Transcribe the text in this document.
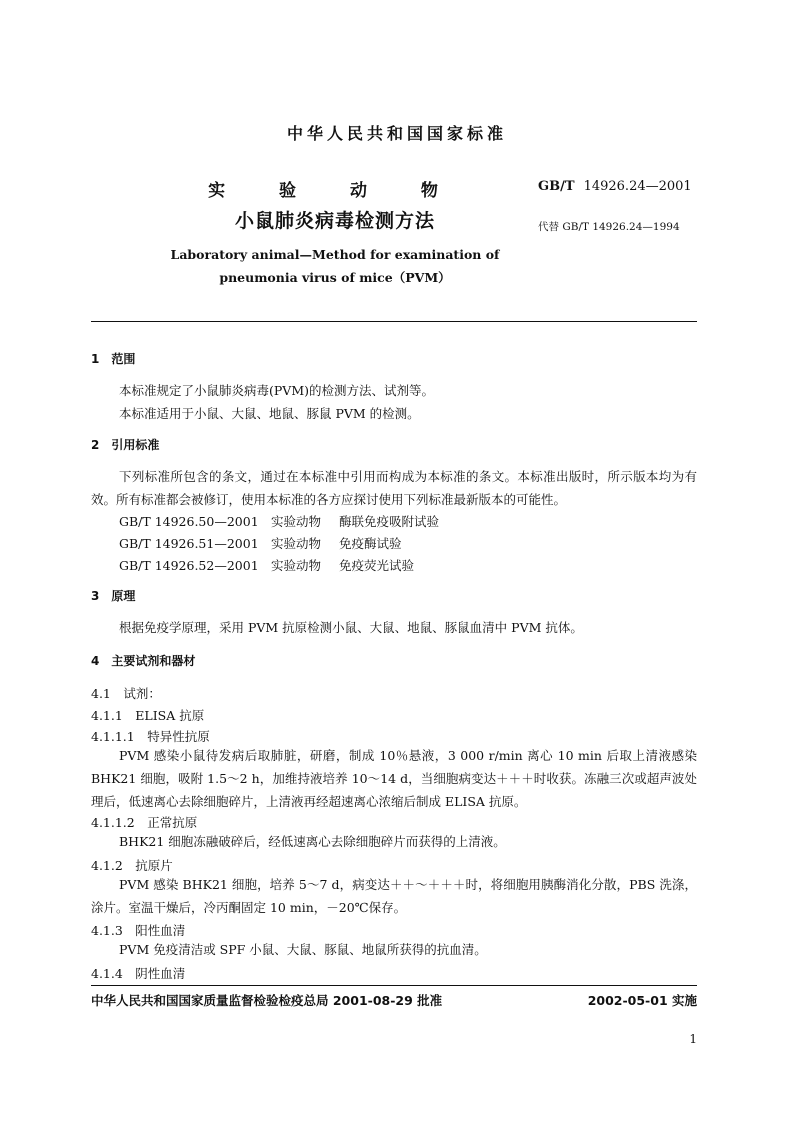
中华人民共和国国家标准
实 验 动 物
小鼠肺炎病毒检测方法
GB/T 14926.24—2001
代替 GB/T 14926.24—1994
Laboratory animal—Method for examination of
pneumonia virus of mice（PVM）
1　范围
本标准规定了小鼠肺炎病毒(PVM)的检测方法、试剂等。
本标准适用于小鼠、大鼠、地鼠、豚鼠 PVM 的检测。
2　引用标准
下列标准所包含的条文，通过在本标准中引用而构成为本标准的条文。本标准出版时，所示版本均为有效。所有标准都会被修订，使用本标准的各方应探讨使用下列标准最新版本的可能性。
GB/T 14926.50—2001 实验动物 酶联免疫吸附试验
GB/T 14926.51—2001 实验动物 免疫酶试验
GB/T 14926.52—2001 实验动物 免疫荧光试验
3　原理
根据免疫学原理，采用 PVM 抗原检测小鼠、大鼠、地鼠、豚鼠血清中 PVM 抗体。
4　主要试剂和器材
4.1　试剂：
4.1.1　ELISA 抗原
4.1.1.1　特异性抗原
PVM 感染小鼠待发病后取肺脏，研磨，制成 10％悬液，3 000 r/min 离心 10 min 后取上清液感染 BHK21 细胞，吸附 1.5～2 h，加维持液培养 10～14 d，当细胞病变达＋＋＋时收获。冻融三次或超声波处理后，低速离心去除细胞碎片，上清液再经超速离心浓缩后制成 ELISA 抗原。
4.1.1.2　正常抗原
BHK21 细胞冻融破碎后，经低速离心去除细胞碎片而获得的上清液。
4.1.2　抗原片
PVM 感染 BHK21 细胞，培养 5～7 d，病变达＋＋～＋＋＋时，将细胞用胰酶消化分散，PBS 洗涤，涂片。室温干燥后，冷丙酮固定 10 min，－20℃保存。
4.1.3　阳性血清
PVM 免疫清洁或 SPF 小鼠、大鼠、豚鼠、地鼠所获得的抗血清。
4.1.4　阴性血清
中华人民共和国国家质量监督检验检疫总局 2001-08-29 批准	2002-05-01 实施
1
